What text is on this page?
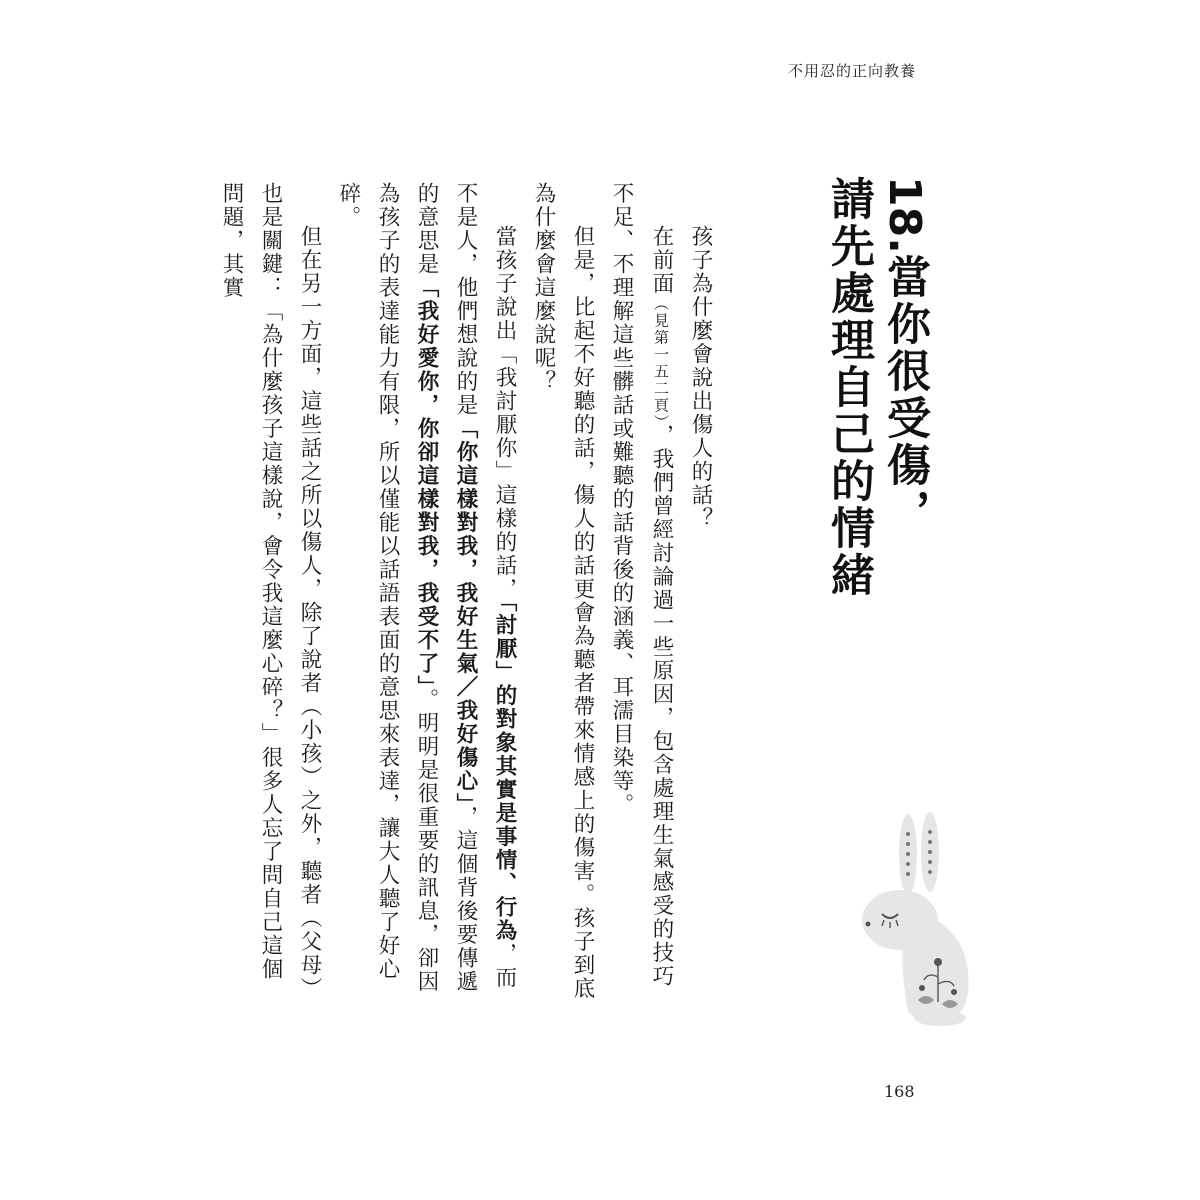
不用忍的正向教養
18.當你很受傷，
請先處理自己的情緒

孩子為什麼會說出傷人的話？

在前面（見第一五二頁），我們曾經討論過一些原因，包含處理生氣感受的技巧不足、不理解這些髒話或難聽的話背後的涵義、耳濡目染等。

但是，比起不好聽的話，傷人的話更會為聽者帶來情感上的傷害。孩子到底為什麼會這麼說呢？

當孩子說出「我討厭你」這樣的話，「討厭」的對象其實是事情、行為，而不是人，他們想說的是「你這樣對我，我好生氣／我好傷心」，這個背後要傳遞的意思是「我好愛你，你卻這樣對我，我受不了」。明明是很重要的訊息，卻因為孩子的表達能力有限，所以僅能以話語表面的意思來表達，讓大人聽了好心碎。

但在另一方面，這些話之所以傷人，除了說者（小孩）之外，聽者（父母）也是關鍵：「為什麼孩子這樣說，會令我這麼心碎？」很多人忘了問自己這個問題，其實

168
